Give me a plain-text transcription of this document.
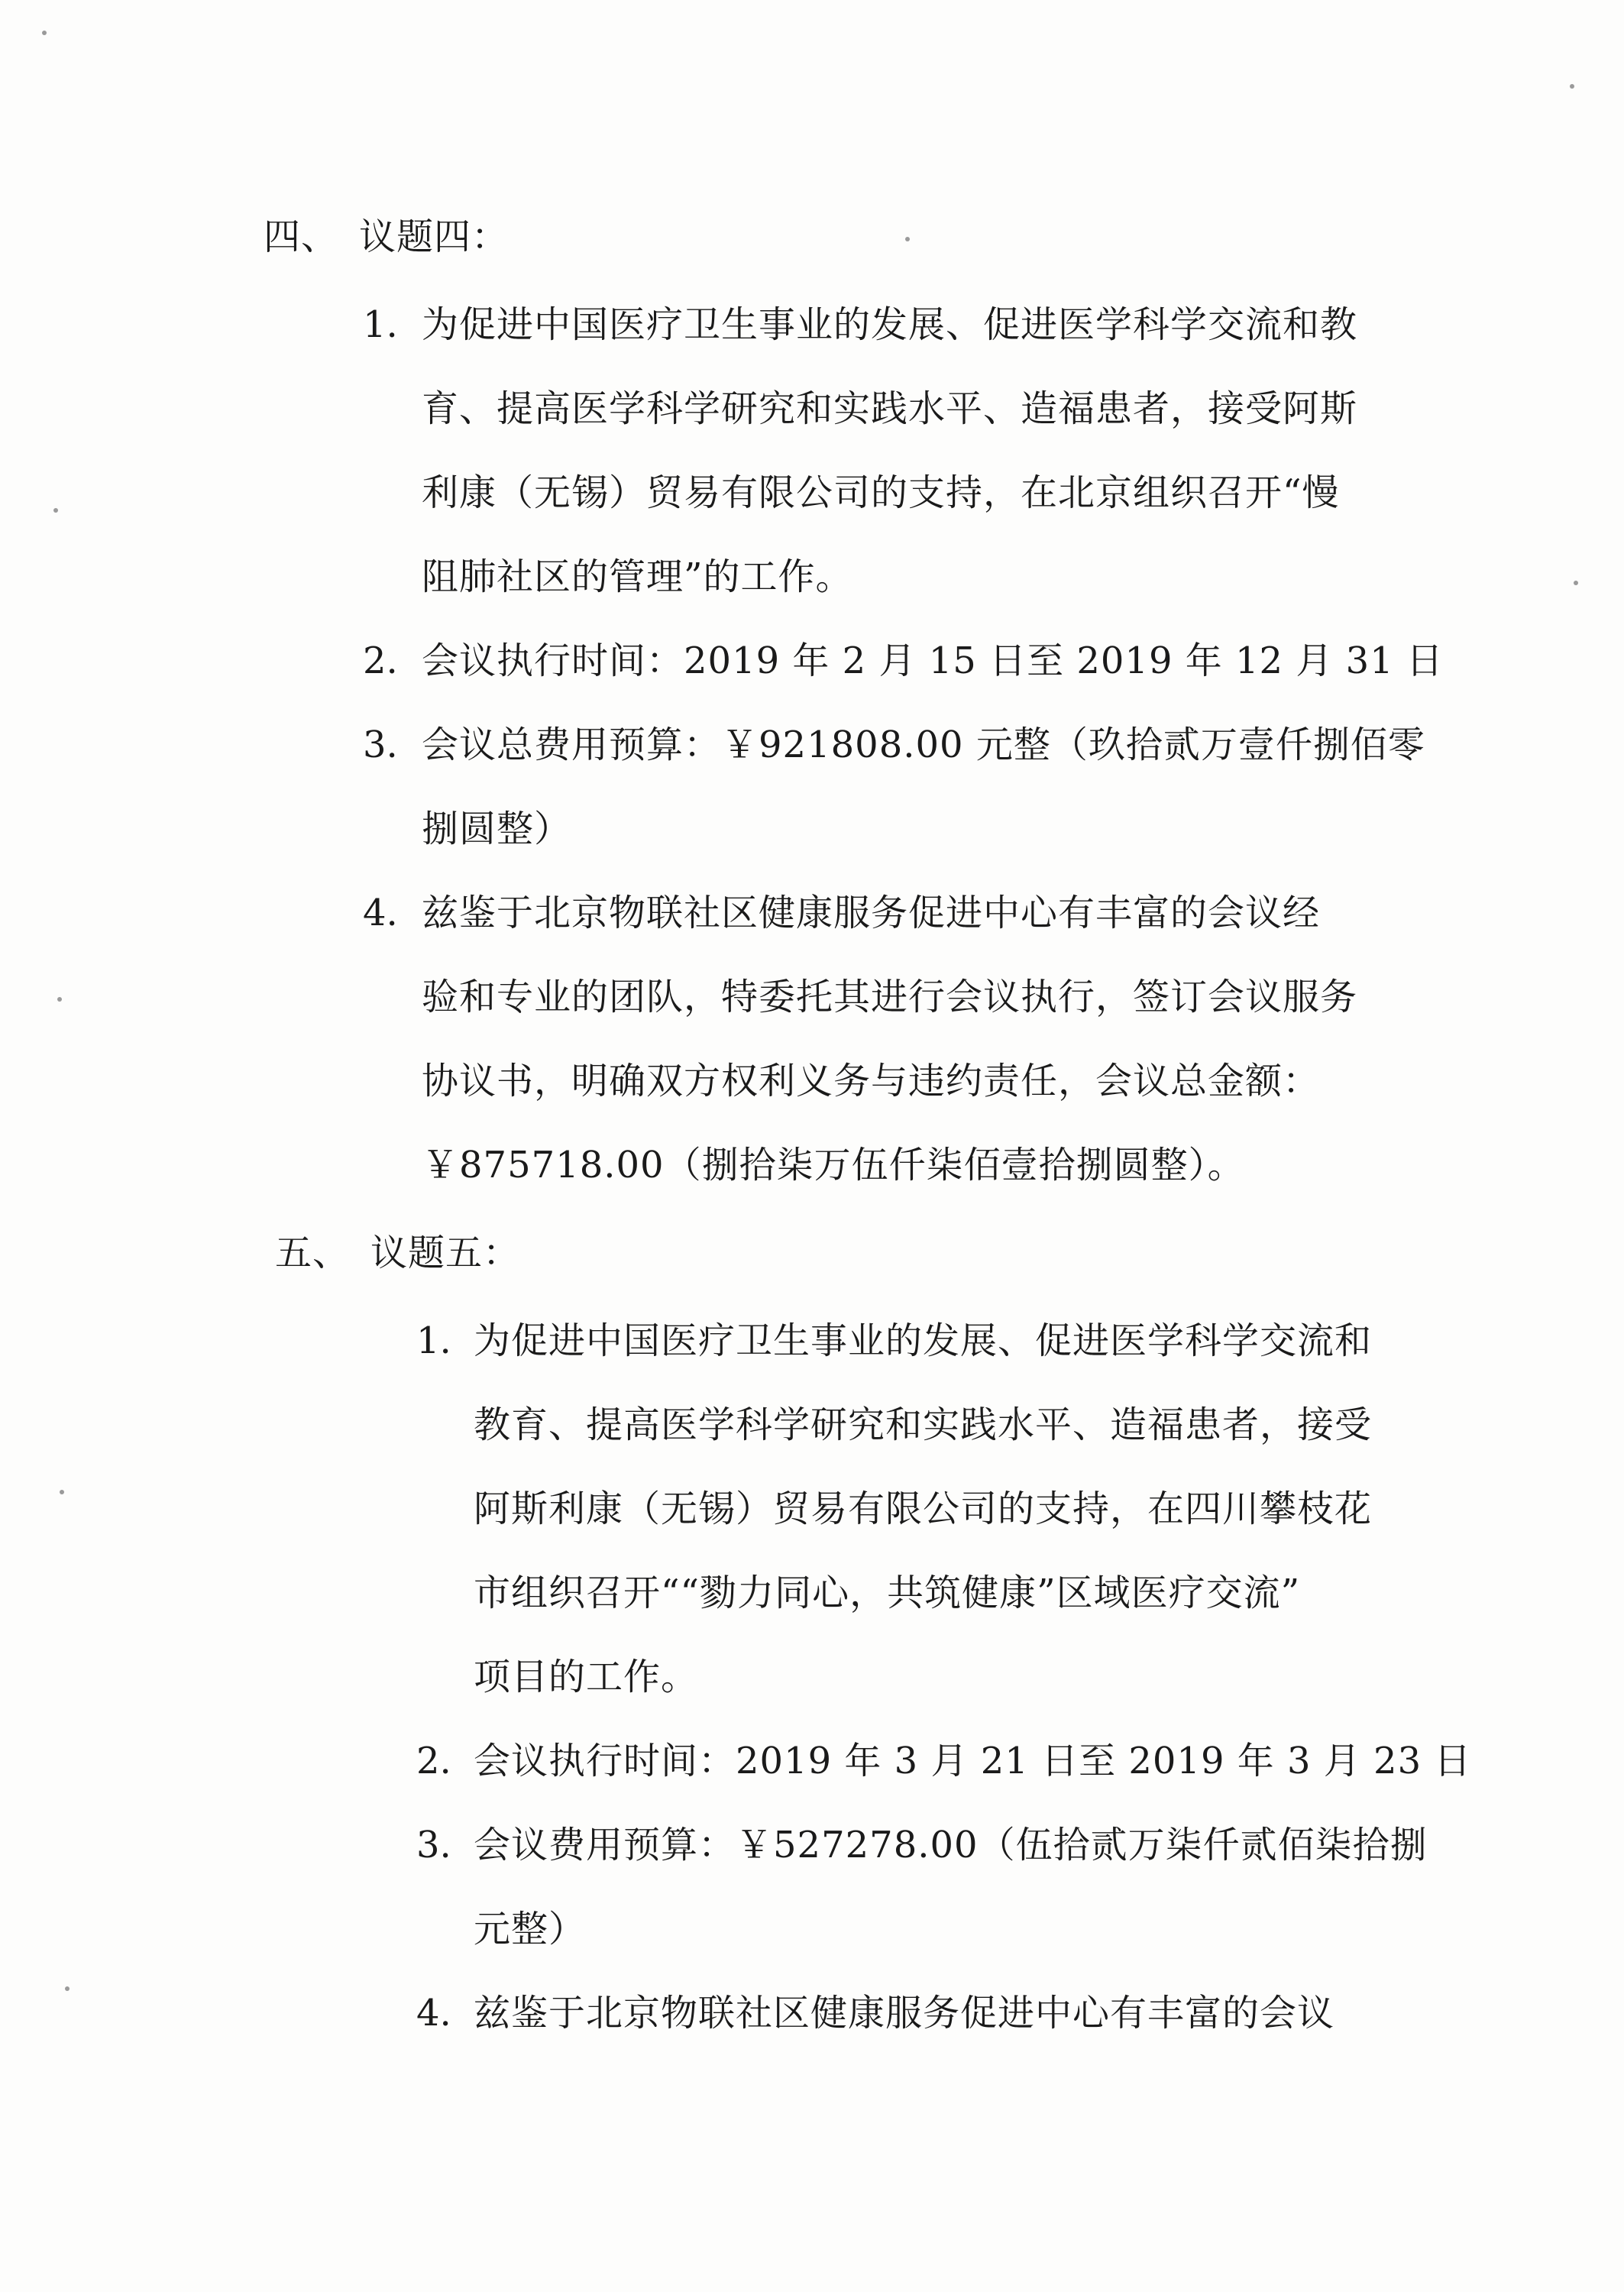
四、 议题四：
1. 为促进中国医疗卫生事业的发展、促进医学科学交流和教
育、提高医学科学研究和实践水平、造福患者，接受阿斯
利康（无锡）贸易有限公司的支持，在北京组织召开“慢
阻肺社区的管理”的工作。
2. 会议执行时间：2019 年 2 月 15 日至 2019 年 12 月 31 日
3. 会议总费用预算：￥921808.00 元整（玖拾贰万壹仟捌佰零
捌圆整）
4. 兹鉴于北京物联社区健康服务促进中心有丰富的会议经
验和专业的团队，特委托其进行会议执行，签订会议服务
协议书，明确双方权利义务与违约责任，会议总金额：
￥875718.00（捌拾柒万伍仟柒佰壹拾捌圆整）。
五、 议题五：
1. 为促进中国医疗卫生事业的发展、促进医学科学交流和
教育、提高医学科学研究和实践水平、造福患者，接受
阿斯利康（无锡）贸易有限公司的支持，在四川攀枝花
市组织召开““勠力同心，共筑健康”区域医疗交流”
项目的工作。
2. 会议执行时间：2019 年 3 月 21 日至 2019 年 3 月 23 日
3. 会议费用预算：￥527278.00（伍拾贰万柒仟贰佰柒拾捌
元整）
4. 兹鉴于北京物联社区健康服务促进中心有丰富的会议
